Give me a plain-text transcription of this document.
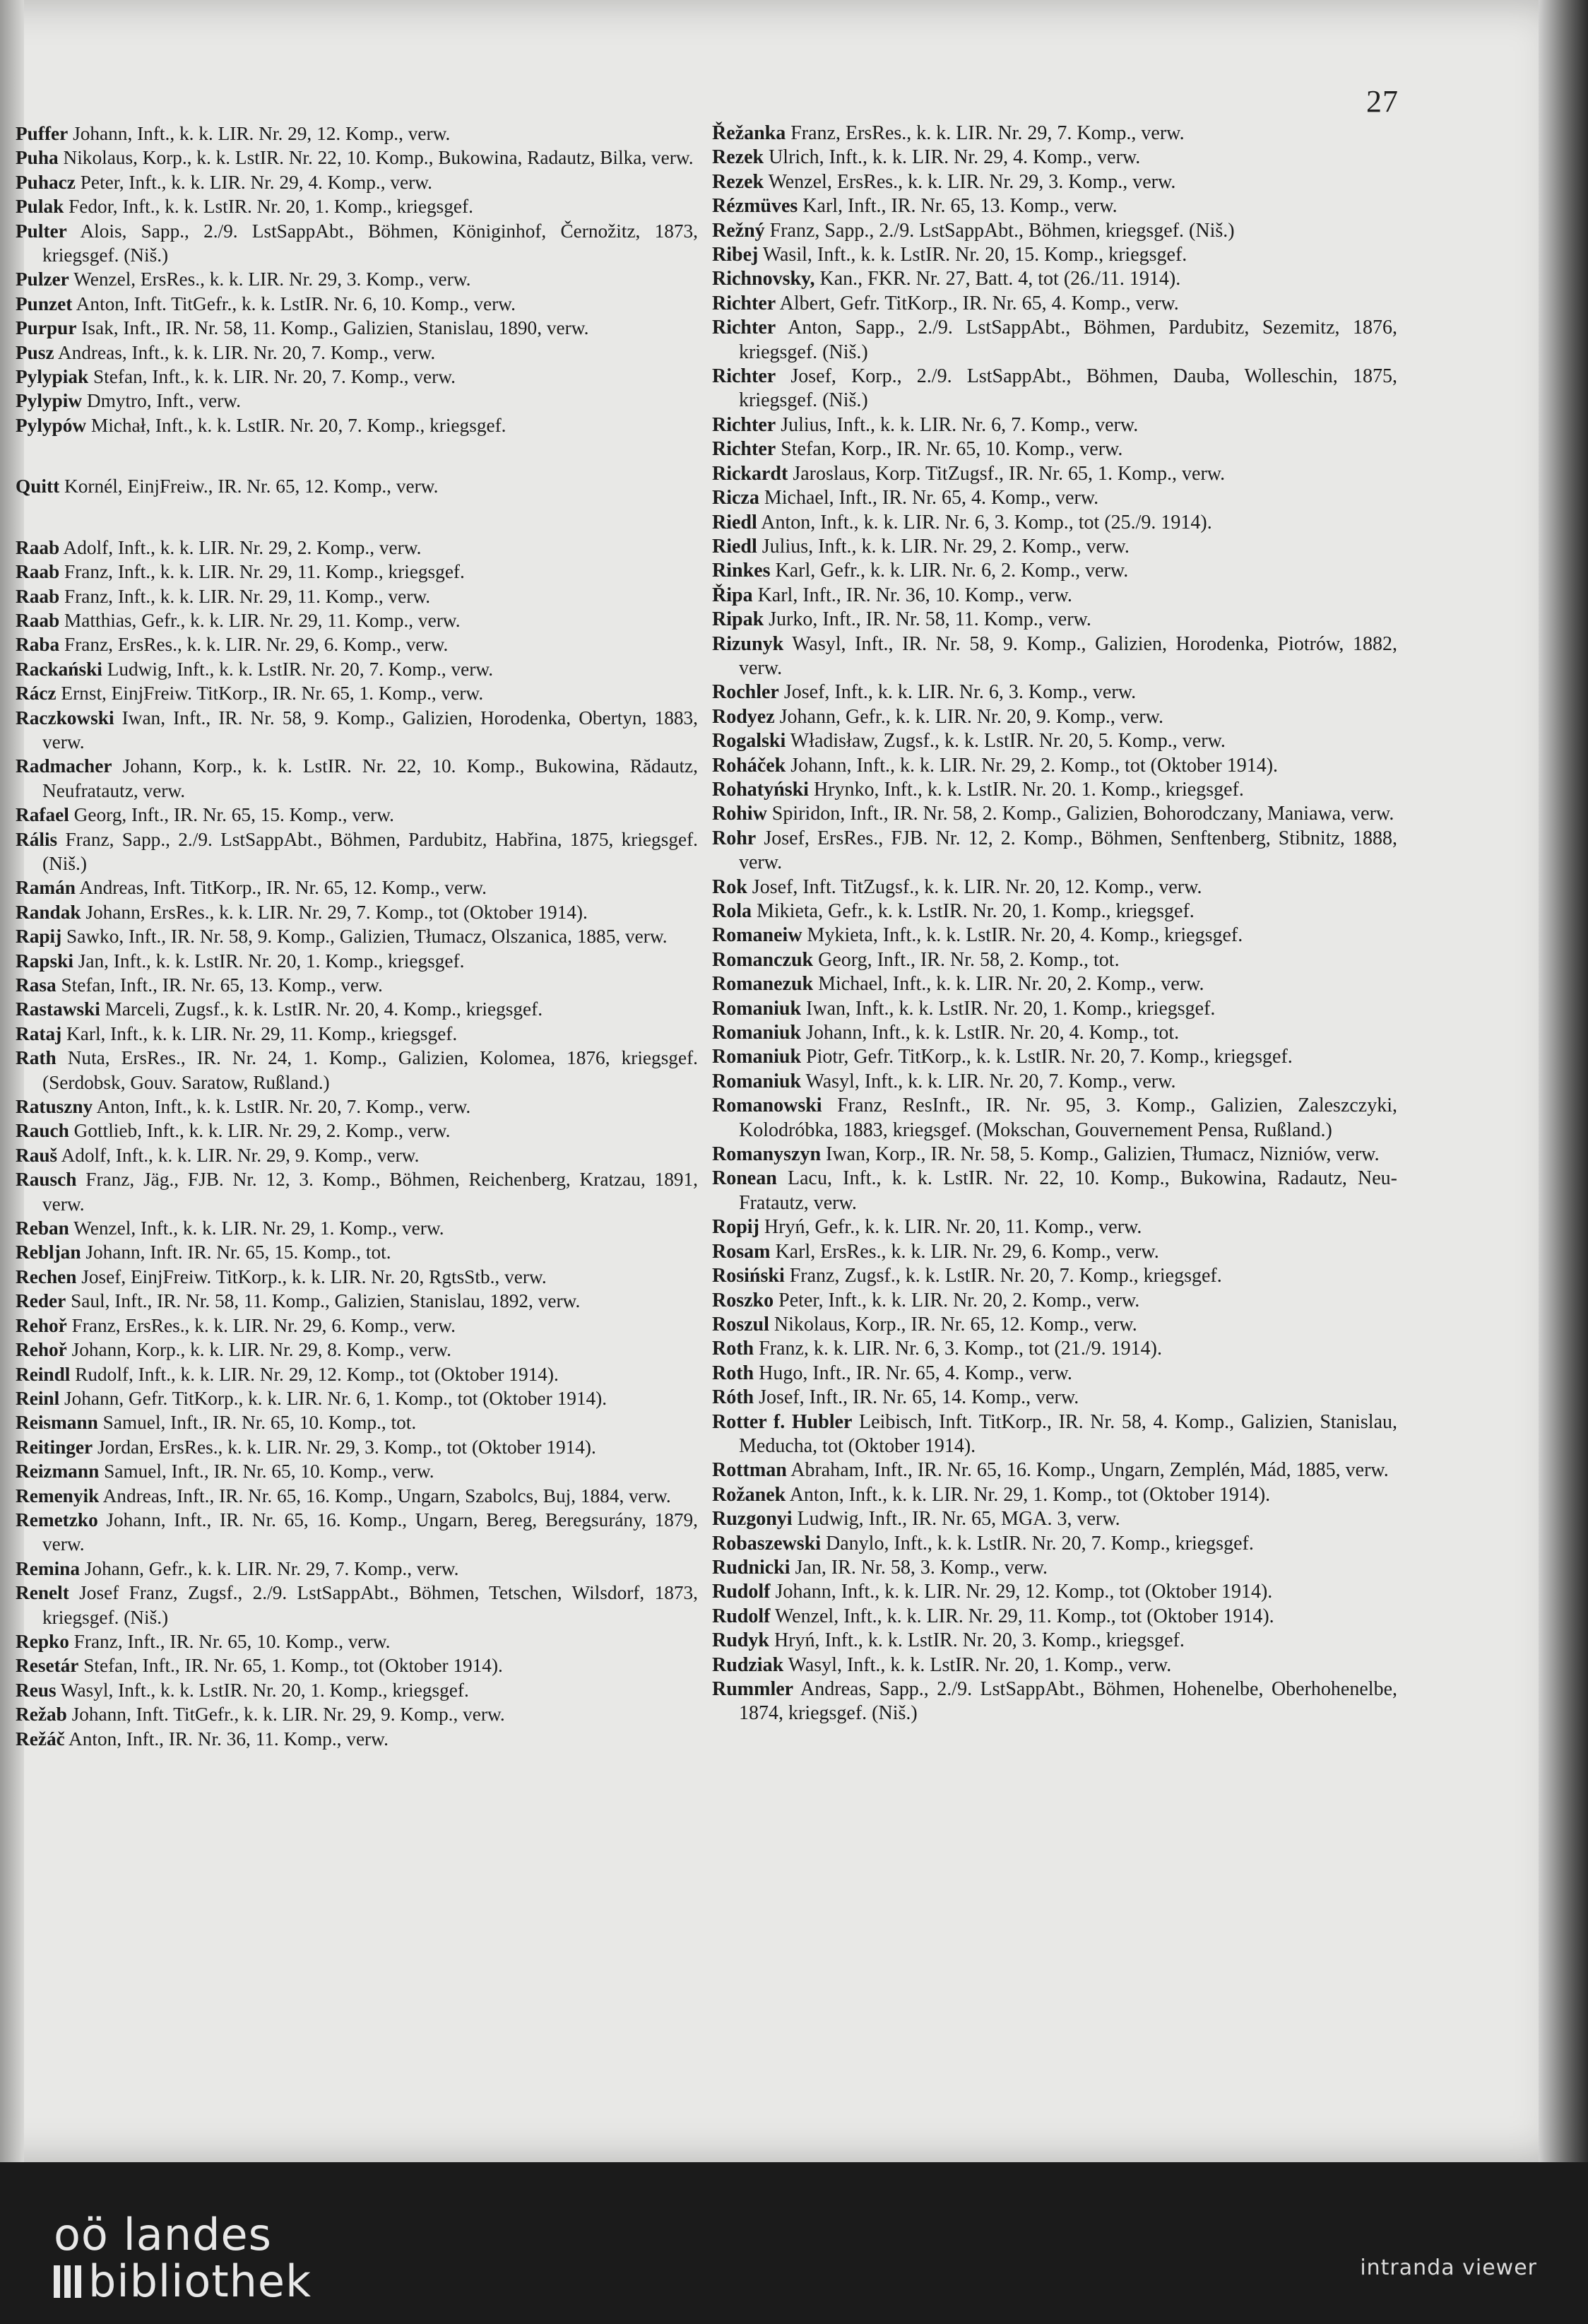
27
Puffer Johann, Inft., k. k. LIR. Nr. 29, 12. Komp., verw.
Puha Nikolaus, Korp., k. k. LstIR. Nr. 22, 10. Komp., Bukowina, Radautz, Bilka, verw.
Puhacz Peter, Inft., k. k. LIR. Nr. 29, 4. Komp., verw.
Pulak Fedor, Inft., k. k. LstIR. Nr. 20, 1. Komp., kriegsgef.
Pulter Alois, Sapp., 2./9. LstSappAbt., Böhmen, Königinhof, Černožitz, 1873, kriegsgef. (Niš.)
Pulzer Wenzel, ErsRes., k. k. LIR. Nr. 29, 3. Komp., verw.
Punzet Anton, Inft. TitGefr., k. k. LstIR. Nr. 6, 10. Komp., verw.
Purpur Isak, Inft., IR. Nr. 58, 11. Komp., Galizien, Stanislau, 1890, verw.
Pusz Andreas, Inft., k. k. LIR. Nr. 20, 7. Komp., verw.
Pylypiak Stefan, Inft., k. k. LIR. Nr. 20, 7. Komp., verw.
Pylypiw Dmytro, Inft., verw.
Pylypów Michał, Inft., k. k. LstIR. Nr. 20, 7. Komp., kriegsgef.
Quitt Kornél, EinjFreiw., IR. Nr. 65, 12. Komp., verw.
Raab Adolf, Inft., k. k. LIR. Nr. 29, 2. Komp., verw.
Raab Franz, Inft., k. k. LIR. Nr. 29, 11. Komp., kriegsgef.
Raab Franz, Inft., k. k. LIR. Nr. 29, 11. Komp., verw.
Raab Matthias, Gefr., k. k. LIR. Nr. 29, 11. Komp., verw.
Raba Franz, ErsRes., k. k. LIR. Nr. 29, 6. Komp., verw.
Rackański Ludwig, Inft., k. k. LstIR. Nr. 20, 7. Komp., verw.
Rácz Ernst, EinjFreiw. TitKorp., IR. Nr. 65, 1. Komp., verw.
Raczkowski Iwan, Inft., IR. Nr. 58, 9. Komp., Galizien, Horodenka, Obertyn, 1883, verw.
Radmacher Johann, Korp., k. k. LstIR. Nr. 22, 10. Komp., Bukowina, Rădautz, Neufratautz, verw.
Rafael Georg, Inft., IR. Nr. 65, 15. Komp., verw.
Rális Franz, Sapp., 2./9. LstSappAbt., Böhmen, Pardubitz, Habřina, 1875, kriegsgef. (Niš.)
Ramán Andreas, Inft. TitKorp., IR. Nr. 65, 12. Komp., verw.
Randak Johann, ErsRes., k. k. LIR. Nr. 29, 7. Komp., tot (Oktober 1914).
Rapij Sawko, Inft., IR. Nr. 58, 9. Komp., Galizien, Tłumacz, Olszanica, 1885, verw.
Rapski Jan, Inft., k. k. LstIR. Nr. 20, 1. Komp., kriegsgef.
Rasa Stefan, Inft., IR. Nr. 65, 13. Komp., verw.
Rastawski Marceli, Zugsf., k. k. LstIR. Nr. 20, 4. Komp., kriegsgef.
Rataj Karl, Inft., k. k. LIR. Nr. 29, 11. Komp., kriegsgef.
Rath Nuta, ErsRes., IR. Nr. 24, 1. Komp., Galizien, Kolomea, 1876, kriegsgef. (Serdobsk, Gouv. Saratow, Rußland.)
Ratuszny Anton, Inft., k. k. LstIR. Nr. 20, 7. Komp., verw.
Rauch Gottlieb, Inft., k. k. LIR. Nr. 29, 2. Komp., verw.
Rauš Adolf, Inft., k. k. LIR. Nr. 29, 9. Komp., verw.
Rausch Franz, Jäg., FJB. Nr. 12, 3. Komp., Böhmen, Reichenberg, Kratzau, 1891, verw.
Reban Wenzel, Inft., k. k. LIR. Nr. 29, 1. Komp., verw.
Rebljan Johann, Inft. IR. Nr. 65, 15. Komp., tot.
Rechen Josef, EinjFreiw. TitKorp., k. k. LIR. Nr. 20, RgtsStb., verw.
Reder Saul, Inft., IR. Nr. 58, 11. Komp., Galizien, Stanislau, 1892, verw.
Rehoř Franz, ErsRes., k. k. LIR. Nr. 29, 6. Komp., verw.
Rehoř Johann, Korp., k. k. LIR. Nr. 29, 8. Komp., verw.
Reindl Rudolf, Inft., k. k. LIR. Nr. 29, 12. Komp., tot (Oktober 1914).
Reinl Johann, Gefr. TitKorp., k. k. LIR. Nr. 6, 1. Komp., tot (Oktober 1914).
Reismann Samuel, Inft., IR. Nr. 65, 10. Komp., tot.
Reitinger Jordan, ErsRes., k. k. LIR. Nr. 29, 3. Komp., tot (Oktober 1914).
Reizmann Samuel, Inft., IR. Nr. 65, 10. Komp., verw.
Remenyik Andreas, Inft., IR. Nr. 65, 16. Komp., Ungarn, Szabolcs, Buj, 1884, verw.
Remetzko Johann, Inft., IR. Nr. 65, 16. Komp., Ungarn, Bereg, Beregsurány, 1879, verw.
Remina Johann, Gefr., k. k. LIR. Nr. 29, 7. Komp., verw.
Renelt Josef Franz, Zugsf., 2./9. LstSappAbt., Böhmen, Tetschen, Wilsdorf, 1873, kriegsgef. (Niš.)
Repko Franz, Inft., IR. Nr. 65, 10. Komp., verw.
Resetár Stefan, Inft., IR. Nr. 65, 1. Komp., tot (Oktober 1914).
Reus Wasyl, Inft., k. k. LstIR. Nr. 20, 1. Komp., kriegsgef.
Režab Johann, Inft. TitGefr., k. k. LIR. Nr. 29, 9. Komp., verw.
Režáč Anton, Inft., IR. Nr. 36, 11. Komp., verw.
Řežanka Franz, ErsRes., k. k. LIR. Nr. 29, 7. Komp., verw.
Rezek Ulrich, Inft., k. k. LIR. Nr. 29, 4. Komp., verw.
Rezek Wenzel, ErsRes., k. k. LIR. Nr. 29, 3. Komp., verw.
Rézmüves Karl, Inft., IR. Nr. 65, 13. Komp., verw.
Režný Franz, Sapp., 2./9. LstSappAbt., Böhmen, kriegsgef. (Niš.)
Ribej Wasil, Inft., k. k. LstIR. Nr. 20, 15. Komp., kriegsgef.
Richnovsky, Kan., FKR. Nr. 27, Batt. 4, tot (26./11. 1914).
Richter Albert, Gefr. TitKorp., IR. Nr. 65, 4. Komp., verw.
Richter Anton, Sapp., 2./9. LstSappAbt., Böhmen, Pardubitz, Sezemitz, 1876, kriegsgef. (Niš.)
Richter Josef, Korp., 2./9. LstSappAbt., Böhmen, Dauba, Wolleschin, 1875, kriegsgef. (Niš.)
Richter Julius, Inft., k. k. LIR. Nr. 6, 7. Komp., verw.
Richter Stefan, Korp., IR. Nr. 65, 10. Komp., verw.
Rickardt Jaroslaus, Korp. TitZugsf., IR. Nr. 65, 1. Komp., verw.
Ricza Michael, Inft., IR. Nr. 65, 4. Komp., verw.
Riedl Anton, Inft., k. k. LIR. Nr. 6, 3. Komp., tot (25./9. 1914).
Riedl Julius, Inft., k. k. LIR. Nr. 29, 2. Komp., verw.
Rinkes Karl, Gefr., k. k. LIR. Nr. 6, 2. Komp., verw.
Řipa Karl, Inft., IR. Nr. 36, 10. Komp., verw.
Ripak Jurko, Inft., IR. Nr. 58, 11. Komp., verw.
Rizunyk Wasyl, Inft., IR. Nr. 58, 9. Komp., Galizien, Horodenka, Piotrów, 1882, verw.
Rochler Josef, Inft., k. k. LIR. Nr. 6, 3. Komp., verw.
Rodyez Johann, Gefr., k. k. LIR. Nr. 20, 9. Komp., verw.
Rogalski Władisław, Zugsf., k. k. LstIR. Nr. 20, 5. Komp., verw.
Roháček Johann, Inft., k. k. LIR. Nr. 29, 2. Komp., tot (Oktober 1914).
Rohatyński Hrynko, Inft., k. k. LstIR. Nr. 20. 1. Komp., kriegsgef.
Rohiw Spiridon, Inft., IR. Nr. 58, 2. Komp., Galizien, Bohorodczany, Maniawa, verw.
Rohr Josef, ErsRes., FJB. Nr. 12, 2. Komp., Böhmen, Senftenberg, Stibnitz, 1888, verw.
Rok Josef, Inft. TitZugsf., k. k. LIR. Nr. 20, 12. Komp., verw.
Rola Mikieta, Gefr., k. k. LstIR. Nr. 20, 1. Komp., kriegsgef.
Romaneiw Mykieta, Inft., k. k. LstIR. Nr. 20, 4. Komp., kriegsgef.
Romanczuk Georg, Inft., IR. Nr. 58, 2. Komp., tot.
Romanezuk Michael, Inft., k. k. LIR. Nr. 20, 2. Komp., verw.
Romaniuk Iwan, Inft., k. k. LstIR. Nr. 20, 1. Komp., kriegsgef.
Romaniuk Johann, Inft., k. k. LstIR. Nr. 20, 4. Komp., tot.
Romaniuk Piotr, Gefr. TitKorp., k. k. LstIR. Nr. 20, 7. Komp., kriegsgef.
Romaniuk Wasyl, Inft., k. k. LIR. Nr. 20, 7. Komp., verw.
Romanowski Franz, ResInft., IR. Nr. 95, 3. Komp., Galizien, Zaleszczyki, Kolodróbka, 1883, kriegsgef. (Mokschan, Gouvernement Pensa, Rußland.)
Romanyszyn Iwan, Korp., IR. Nr. 58, 5. Komp., Galizien, Tłumacz, Nizniów, verw.
Ronean Lacu, Inft., k. k. LstIR. Nr. 22, 10. Komp., Bukowina, Radautz, Neu-Fratautz, verw.
Ropij Hryń, Gefr., k. k. LIR. Nr. 20, 11. Komp., verw.
Rosam Karl, ErsRes., k. k. LIR. Nr. 29, 6. Komp., verw.
Rosiński Franz, Zugsf., k. k. LstIR. Nr. 20, 7. Komp., kriegsgef.
Roszko Peter, Inft., k. k. LIR. Nr. 20, 2. Komp., verw.
Roszul Nikolaus, Korp., IR. Nr. 65, 12. Komp., verw.
Roth Franz, k. k. LIR. Nr. 6, 3. Komp., tot (21./9. 1914).
Roth Hugo, Inft., IR. Nr. 65, 4. Komp., verw.
Róth Josef, Inft., IR. Nr. 65, 14. Komp., verw.
Rotter f. Hubler Leibisch, Inft. TitKorp., IR. Nr. 58, 4. Komp., Galizien, Stanislau, Meducha, tot (Oktober 1914).
Rottman Abraham, Inft., IR. Nr. 65, 16. Komp., Ungarn, Zemplén, Mád, 1885, verw.
Rožanek Anton, Inft., k. k. LIR. Nr. 29, 1. Komp., tot (Oktober 1914).
Ruzgonyi Ludwig, Inft., IR. Nr. 65, MGA. 3, verw.
Robaszewski Danylo, Inft., k. k. LstIR. Nr. 20, 7. Komp., kriegsgef.
Rudnicki Jan, IR. Nr. 58, 3. Komp., verw.
Rudolf Johann, Inft., k. k. LIR. Nr. 29, 12. Komp., tot (Oktober 1914).
Rudolf Wenzel, Inft., k. k. LIR. Nr. 29, 11. Komp., tot (Oktober 1914).
Rudyk Hryń, Inft., k. k. LstIR. Nr. 20, 3. Komp., kriegsgef.
Rudziak Wasyl, Inft., k. k. LstIR. Nr. 20, 1. Komp., verw.
Rummler Andreas, Sapp., 2./9. LstSappAbt., Böhmen, Hohenelbe, Oberhohenelbe, 1874, kriegsgef. (Niš.)
oö landes
bibliothek	intranda viewer
